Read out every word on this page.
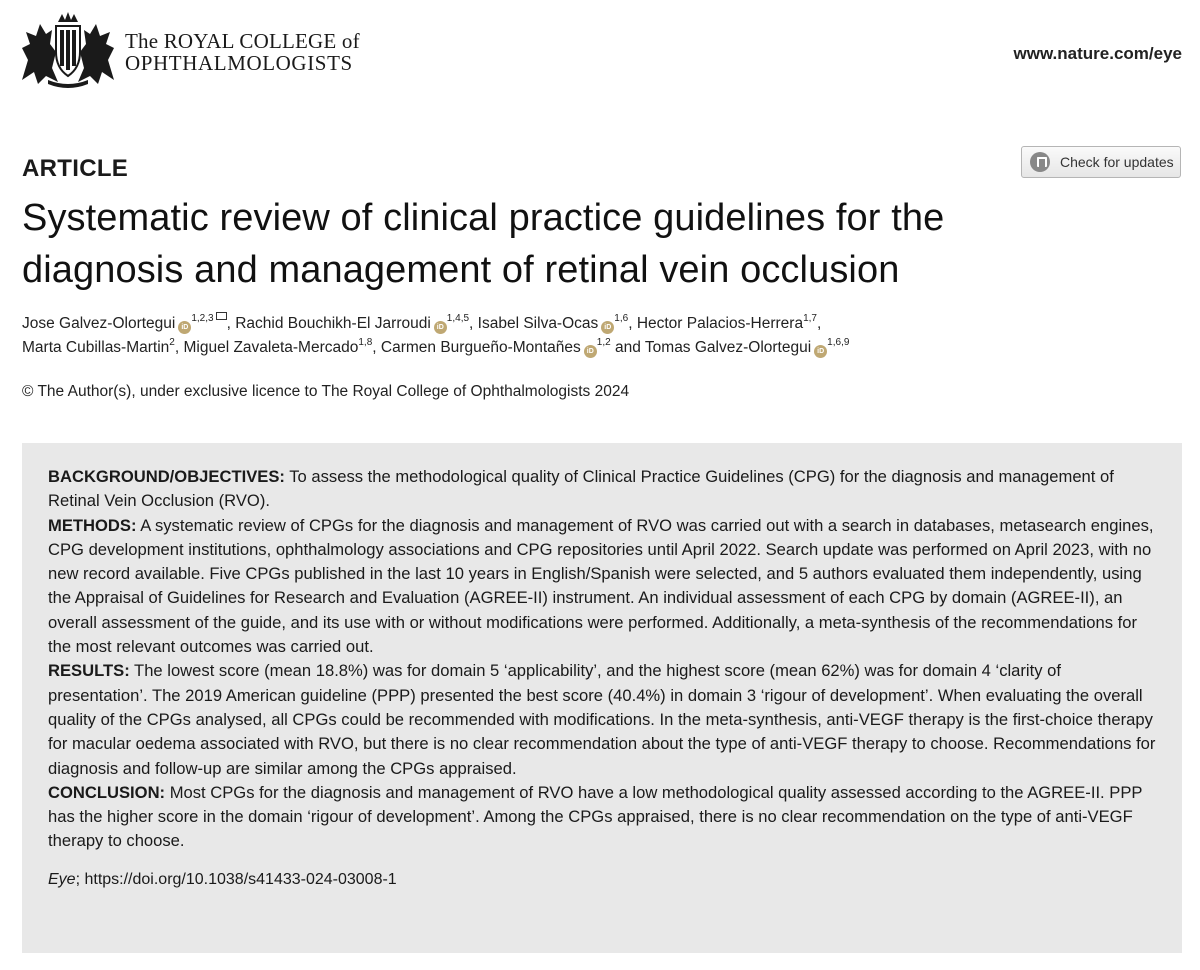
The ROYAL COLLEGE of
OPHTHALMOLOGISTS	www.nature.com/eye
ARTICLE	Check for updates
Systematic review of clinical practice guidelines for the
diagnosis and management of retinal vein occlusion
Jose Galvez-Olortegui iD$^{1,2,3}$ , Rachid Bouchikh-El Jarroudi iD$^{1,4,5}$, Isabel Silva-Ocas iD$^{1,6}$, Hector Palacios-Herrera$^{1,7}$,
Marta Cubillas-Martin$^2$, Miguel Zavaleta-Mercado$^{1,8}$, Carmen Burgueño-Montañes iD$^{1,2}$ and Tomas Galvez-Olortegui iD$^{1,6,9}$
© The Author(s), under exclusive licence to The Royal College of Ophthalmologists 2024

BACKGROUND/OBJECTIVES: To assess the methodological quality of Clinical Practice Guidelines (CPG) for the diagnosis and management of Retinal Vein Occlusion (RVO).

METHODS: A systematic review of CPGs for the diagnosis and management of RVO was carried out with a search in databases, metasearch engines, CPG development institutions, ophthalmology associations and CPG repositories until April 2022. Search update was performed on April 2023, with no new record available. Five CPGs published in the last 10 years in English/Spanish were selected, and 5 authors evaluated them independently, using the Appraisal of Guidelines for Research and Evaluation (AGREE-II) instrument. An individual assessment of each CPG by domain (AGREE-II), an overall assessment of the guide, and its use with or without modifications were performed. Additionally, a meta-synthesis of the recommendations for the most relevant outcomes was carried out.

RESULTS: The lowest score (mean 18.8%) was for domain 5 ‘applicability’, and the highest score (mean 62%) was for domain 4 ‘clarity of presentation’. The 2019 American guideline (PPP) presented the best score (40.4%) in domain 3 ‘rigour of development’. When evaluating the overall quality of the CPGs analysed, all CPGs could be recommended with modifications. In the meta-synthesis, anti-VEGF therapy is the first-choice therapy for macular oedema associated with RVO, but there is no clear recommendation about the type of anti-VEGF therapy to choose. Recommendations for diagnosis and follow-up are similar among the CPGs appraised.

CONCLUSION: Most CPGs for the diagnosis and management of RVO have a low methodological quality assessed according to the AGREE-II. PPP has the higher score in the domain ‘rigour of development’. Among the CPGs appraised, there is no clear recommendation on the type of anti-VEGF therapy to choose.

Eye; https://doi.org/10.1038/s41433-024-03008-1
